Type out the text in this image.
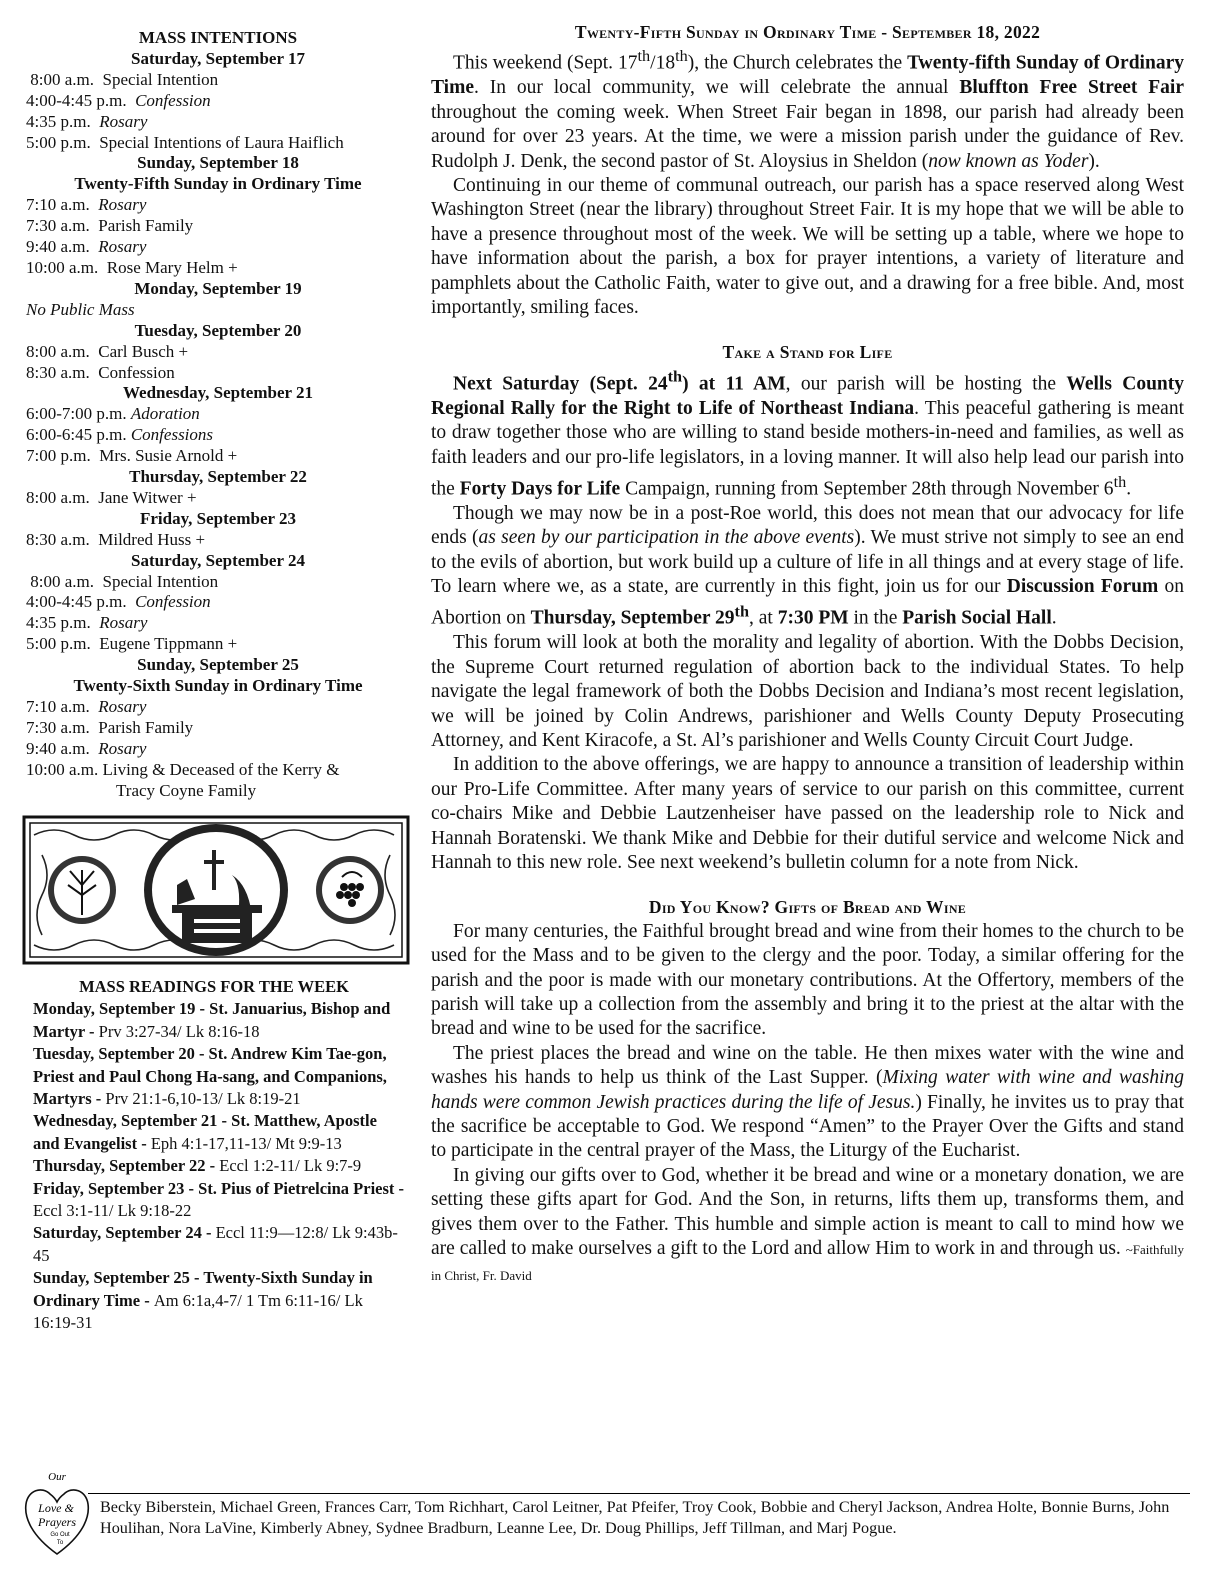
MASS INTENTIONS
Saturday, September 17
8:00 a.m.  Special Intention
4:00-4:45 p.m.  Confession
4:35 p.m.  Rosary
5:00 p.m.  Special Intentions of Laura Haiflich
Sunday, September 18
Twenty-Fifth Sunday in Ordinary Time
7:10 a.m.  Rosary
7:30 a.m.  Parish Family
9:40 a.m.  Rosary
10:00 a.m.  Rose Mary Helm +
Monday, September 19
No Public Mass
Tuesday, September 20
8:00 a.m.  Carl Busch +
8:30 a.m.  Confession
Wednesday, September 21
6:00-7:00 p.m. Adoration
6:00-6:45 p.m. Confessions
7:00 p.m.  Mrs. Susie Arnold +
Thursday, September 22
8:00 a.m.  Jane Witwer +
Friday, September 23
8:30 a.m.  Mildred Huss +
Saturday, September 24
8:00 a.m.  Special Intention
4:00-4:45 p.m.  Confession
4:35 p.m.  Rosary
5:00 p.m.  Eugene Tippmann +
Sunday, September 25
Twenty-Sixth Sunday in Ordinary Time
7:10 a.m.  Rosary
7:30 a.m.  Parish Family
9:40 a.m.  Rosary
10:00 a.m. Living & Deceased of the Kerry &
Tracy Coyne Family
MASS READINGS FOR THE WEEK
Monday, September 19 - St. Januarius, Bishop and Martyr - Prv 3:27-34/ Lk 8:16-18
Tuesday, September 20 - St. Andrew Kim Tae-gon, Priest and Paul Chong Ha-sang, and Companions, Martyrs - Prv 21:1-6,10-13/ Lk 8:19-21
Wednesday, September 21 - St. Matthew, Apostle and Evangelist - Eph 4:1-17,11-13/ Mt 9:9-13
Thursday, September 22 - Eccl 1:2-11/ Lk 9:7-9
Friday, September 23 - St. Pius of Pietrelcina Priest - Eccl 3:1-11/ Lk 9:18-22
Saturday, September 24 - Eccl 11:9—12:8/ Lk 9:43b-45
Sunday, September 25 - Twenty-Sixth Sunday in Ordinary Time - Am 6:1a,4-7/ 1 Tm 6:11-16/ Lk 16:19-31
Twenty-Fifth Sunday in Ordinary Time - September 18, 2022

This weekend (Sept. 17th/18th), the Church celebrates the Twenty-fifth Sunday of Ordinary Time. In our local community, we will celebrate the annual Bluffton Free Street Fair throughout the coming week. When Street Fair began in 1898, our parish had already been around for over 23 years. At the time, we were a mission parish under the guidance of Rev. Rudolph J. Denk, the second pastor of St. Aloysius in Sheldon (now known as Yoder).

Continuing in our theme of communal outreach, our parish has a space reserved along West Washington Street (near the library) throughout Street Fair. It is my hope that we will be able to have a presence throughout most of the week. We will be setting up a table, where we hope to have information about the parish, a box for prayer intentions, a variety of literature and pamphlets about the Catholic Faith, water to give out, and a drawing for a free bible. And, most importantly, smiling faces.

Take a Stand for Life

Next Saturday (Sept. 24th) at 11 AM, our parish will be hosting the Wells County Regional Rally for the Right to Life of Northeast Indiana. This peaceful gathering is meant to draw together those who are willing to stand beside mothers-in-need and families, as well as faith leaders and our pro-life legislators, in a loving manner. It will also help lead our parish into the Forty Days for Life Campaign, running from September 28th through November 6th.

Though we may now be in a post-Roe world, this does not mean that our advocacy for life ends (as seen by our participation in the above events). We must strive not simply to see an end to the evils of abortion, but work build up a culture of life in all things and at every stage of life. To learn where we, as a state, are currently in this fight, join us for our Discussion Forum on Abortion on Thursday, September 29th, at 7:30 PM in the Parish Social Hall.

This forum will look at both the morality and legality of abortion. With the Dobbs Decision, the Supreme Court returned regulation of abortion back to the individual States. To help navigate the legal framework of both the Dobbs Decision and Indiana’s most recent legislation, we will be joined by Colin Andrews, parishioner and Wells County Deputy Prosecuting Attorney, and Kent Kiracofe, a St. Al’s parishioner and Wells County Circuit Court Judge.

In addition to the above offerings, we are happy to announce a transition of leadership within our Pro-Life Committee. After many years of service to our parish on this committee, current co-chairs Mike and Debbie Lautzenheiser have passed on the leadership role to Nick and Hannah Boratenski. We thank Mike and Debbie for their dutiful service and welcome Nick and Hannah to this new role. See next weekend’s bulletin column for a note from Nick.

Did You Know? Gifts of Bread and Wine

For many centuries, the Faithful brought bread and wine from their homes to the church to be used for the Mass and to be given to the clergy and the poor. Today, a similar offering for the parish and the poor is made with our monetary contributions. At the Offertory, members of the parish will take up a collection from the assembly and bring it to the priest at the altar with the bread and wine to be used for the sacrifice.

The priest places the bread and wine on the table. He then mixes water with the wine and washes his hands to help us think of the Last Supper. (Mixing water with wine and washing hands were common Jewish practices during the life of Jesus.) Finally, he invites us to pray that the sacrifice be acceptable to God. We respond “Amen” to the Prayer Over the Gifts and stand to participate in the central prayer of the Mass, the Liturgy of the Eucharist.

In giving our gifts over to God, whether it be bread and wine or a monetary donation, we are setting these gifts apart for God. And the Son, in returns, lifts them up, transforms them, and gives them over to the Father. This humble and simple action is meant to call to mind how we are called to make ourselves a gift to the Lord and allow Him to work in and through us. ~Faithfully in Christ, Fr. David

Our
Love &
Prayers
Go Out
To
Becky Biberstein, Michael Green, Frances Carr, Tom Richhart, Carol Leitner, Pat Pfeifer, Troy Cook, Bobbie and Cheryl Jackson, Andrea Holte, Bonnie Burns, John Houlihan, Nora LaVine, Kimberly Abney, Sydnee Bradburn, Leanne Lee, Dr. Doug Phillips, Jeff Tillman, and Marj Pogue.
